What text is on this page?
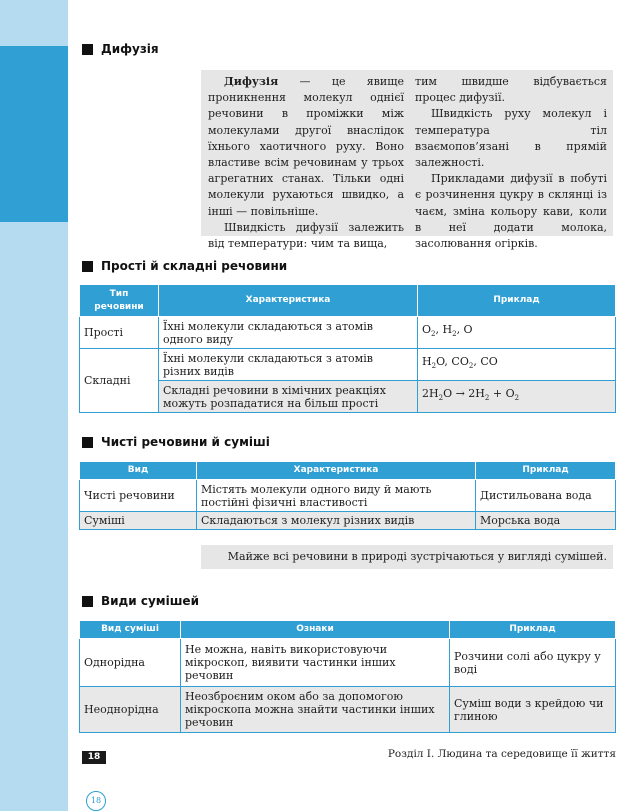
Дифузія

Дифузія — це явище проникнення молекул однієї речовини в проміжки між молекулами другої внаслідок їхнього хаотичного руху. Воно властиве всім речовинам у трьох агрегатних станах. Тільки одні молекули рухаються швидко, а інші — повільніше.

Швидкість дифузії залежить від температури: чим та вища,

тим швидше відбувається процес дифузії.

Швидкість руху молекул і температура тіл взаємопов’язані в прямій залежності.

Прикладами дифузії в побуті є розчинення цукру в склянці із чаєм, зміна кольору кави, коли в неї додати молока, засолювання огірків.

Прості й складні речовини
Тип речовини	Характеристика	Приклад
Прості	Їхні молекули складаються з атомів одного виду	$O_2$, $H_2$, O
Складні	Їхні молекули складаються з атомів різних видів	$H_2O$, $CO_2$, CO
	Складні речовини в хімічних реакціях можуть розпадатися на більш прості	$2H_2O \to 2H_2 + O_2$
Чисті речовини й суміші
Вид	Характеристика	Приклад
Чисті речовини	Містять молекули одного виду й мають постійні фізичні властивості	Дистильована вода
Суміші	Складаються з молекул різних видів	Морська вода
Майже всі речовини в природі зустрічаються у вигляді сумішей.
Види сумішей
Вид суміші	Ознаки	Приклад
Однорідна	Не можна, навіть використовуючи мікроскоп, виявити частинки інших речовин	Розчини солі або цукру у воді
Неоднорідна	Неозброєним оком або за допомогою мікроскопа можна знайти частинки інших речовин	Суміш води з крейдою чи глиною
18	Розділ І. Людина та середовище її життя
18
